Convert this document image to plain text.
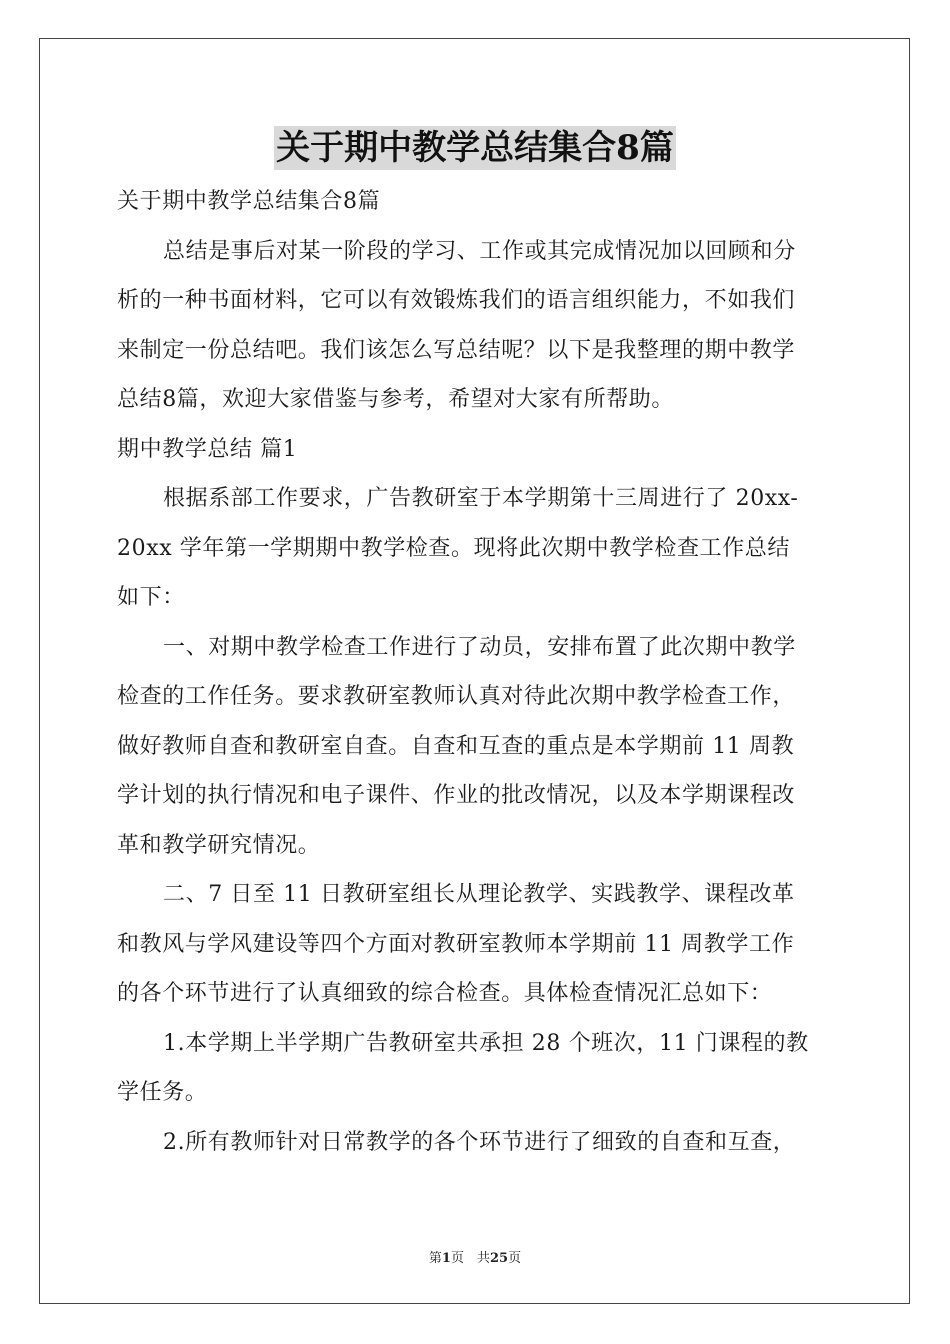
关于期中教学总结集合8篇

关于期中教学总结集合8篇

总结是事后对某一阶段的学习、工作或其完成情况加以回顾和分

析的一种书面材料，它可以有效锻炼我们的语言组织能力，不如我们

来制定一份总结吧。我们该怎么写总结呢？以下是我整理的期中教学

总结8篇，欢迎大家借鉴与参考，希望对大家有所帮助。

期中教学总结 篇1

根据系部工作要求，广告教研室于本学期第十三周进行了 20xx-

20xx 学年第一学期期中教学检查。现将此次期中教学检查工作总结

如下：

一、对期中教学检查工作进行了动员，安排布置了此次期中教学

检查的工作任务。要求教研室教师认真对待此次期中教学检查工作，

做好教师自查和教研室自查。自查和互查的重点是本学期前 11 周教

学计划的执行情况和电子课件、作业的批改情况，以及本学期课程改

革和教学研究情况。

二、7 日至 11 日教研室组长从理论教学、实践教学、课程改革

和教风与学风建设等四个方面对教研室教师本学期前 11 周教学工作

的各个环节进行了认真细致的综合检查。具体检查情况汇总如下：

1.本学期上半学期广告教研室共承担 28 个班次，11 门课程的教

学任务。

2.所有教师针对日常教学的各个环节进行了细致的自查和互查，

第1页　共25页
